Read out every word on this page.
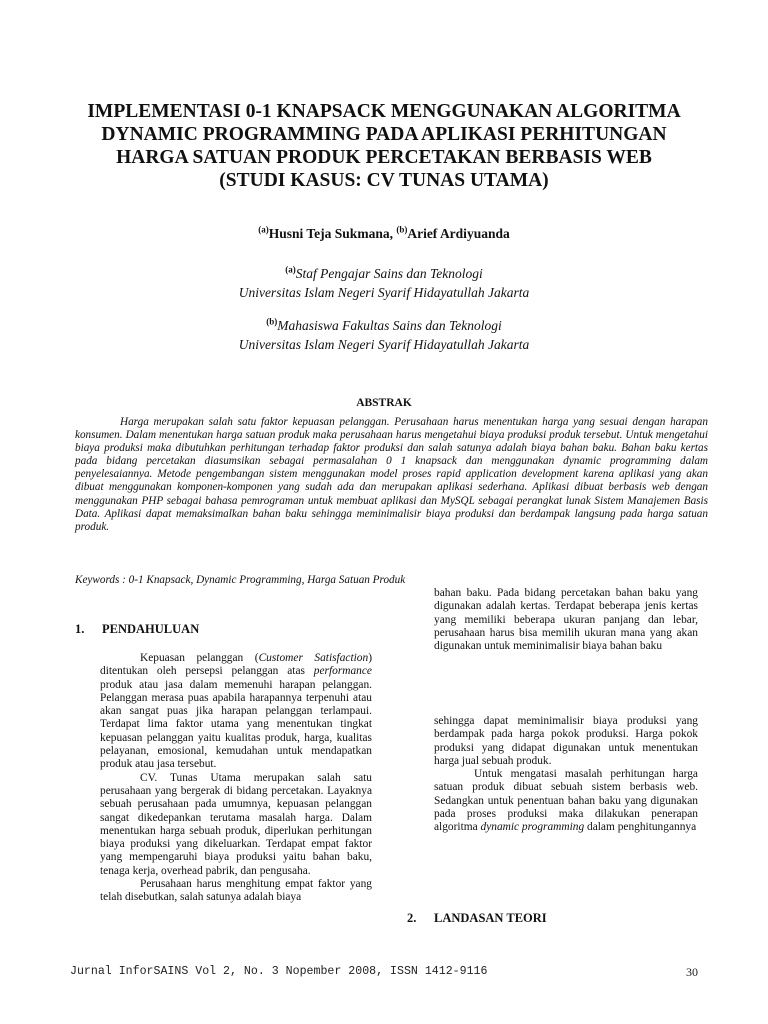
IMPLEMENTASI 0-1 KNAPSACK MENGGUNAKAN ALGORITMA
DYNAMIC PROGRAMMING PADA APLIKASI PERHITUNGAN
HARGA SATUAN PRODUK PERCETAKAN BERBASIS WEB
(STUDI KASUS: CV TUNAS UTAMA)
$^{(a)}$Husni Teja Sukmana, $^{(b)}$Arief Ardiyuanda
$^{(a)}$Staf Pengajar Sains dan Teknologi
Universitas Islam Negeri Syarif Hidayatullah Jakarta
$^{(b)}$Mahasiswa Fakultas Sains dan Teknologi
Universitas Islam Negeri Syarif Hidayatullah Jakarta
ABSTRAK

Harga merupakan salah satu faktor kepuasan pelanggan. Perusahaan harus menentukan harga yang sesuai dengan harapan konsumen. Dalam menentukan harga satuan produk maka perusahaan harus mengetahui biaya produksi produk tersebut. Untuk mengetahui biaya produksi maka dibutuhkan perhitungan terhadap faktor produksi dan salah satunya adalah biaya bahan baku. Bahan baku kertas pada bidang percetakan diasumsikan sebagai permasalahan 0 1 knapsack dan menggunakan dynamic programming dalam penyelesaiannya. Metode pengembangan sistem menggunakan model proses rapid application development karena aplikasi yang akan dibuat menggunakan komponen-komponen yang sudah ada dan merupakan aplikasi sederhana. Aplikasi dibuat berbasis web dengan menggunakan PHP sebagai bahasa pemrograman untuk membuat aplikasi dan MySQL sebagai perangkat lunak Sistem Manajemen Basis Data. Aplikasi dapat memaksimalkan bahan baku sehingga meminimalisir biaya produksi dan berdampak langsung pada harga satuan produk.

Keywords : 0-1 Knapsack, Dynamic Programming, Harga Satuan Produk
1. PENDAHULUAN

Kepuasan pelanggan (Customer Satisfaction) ditentukan oleh persepsi pelanggan atas performance produk atau jasa dalam memenuhi harapan pelanggan. Pelanggan merasa puas apabila harapannya terpenuhi atau akan sangat puas jika harapan pelanggan terlampaui. Terdapat lima faktor utama yang menentukan tingkat kepuasan pelanggan yaitu kualitas produk, harga, kualitas pelayanan, emosional, kemudahan untuk mendapatkan produk atau jasa tersebut.

CV. Tunas Utama merupakan salah satu perusahaan yang bergerak di bidang percetakan. Layaknya sebuah perusahaan pada umumnya, kepuasan pelanggan sangat dikedepankan terutama masalah harga. Dalam menentukan harga sebuah produk, diperlukan perhitungan biaya produksi yang dikeluarkan. Terdapat empat faktor yang mempengaruhi biaya produksi yaitu bahan baku, tenaga kerja, overhead pabrik, dan pengusaha.

Perusahaan harus menghitung empat faktor yang telah disebutkan, salah satunya adalah biaya

bahan baku. Pada bidang percetakan bahan baku yang digunakan adalah kertas. Terdapat beberapa jenis kertas yang memiliki beberapa ukuran panjang dan lebar, perusahaan harus bisa memilih ukuran mana yang akan digunakan untuk meminimalisir biaya bahan baku

sehingga dapat meminimalisir biaya produksi yang berdampak pada harga pokok produksi. Harga pokok produksi yang didapat digunakan untuk menentukan harga jual sebuah produk.

Untuk mengatasi masalah perhitungan harga satuan produk dibuat sebuah sistem berbasis web. Sedangkan untuk penentuan bahan baku yang digunakan pada proses produksi maka dilakukan penerapan algoritma dynamic programming dalam penghitungannya

2. LANDASAN TEORI
Jurnal InforSAINS Vol 2, No. 3 Nopember 2008, ISSN 1412-9116	30
